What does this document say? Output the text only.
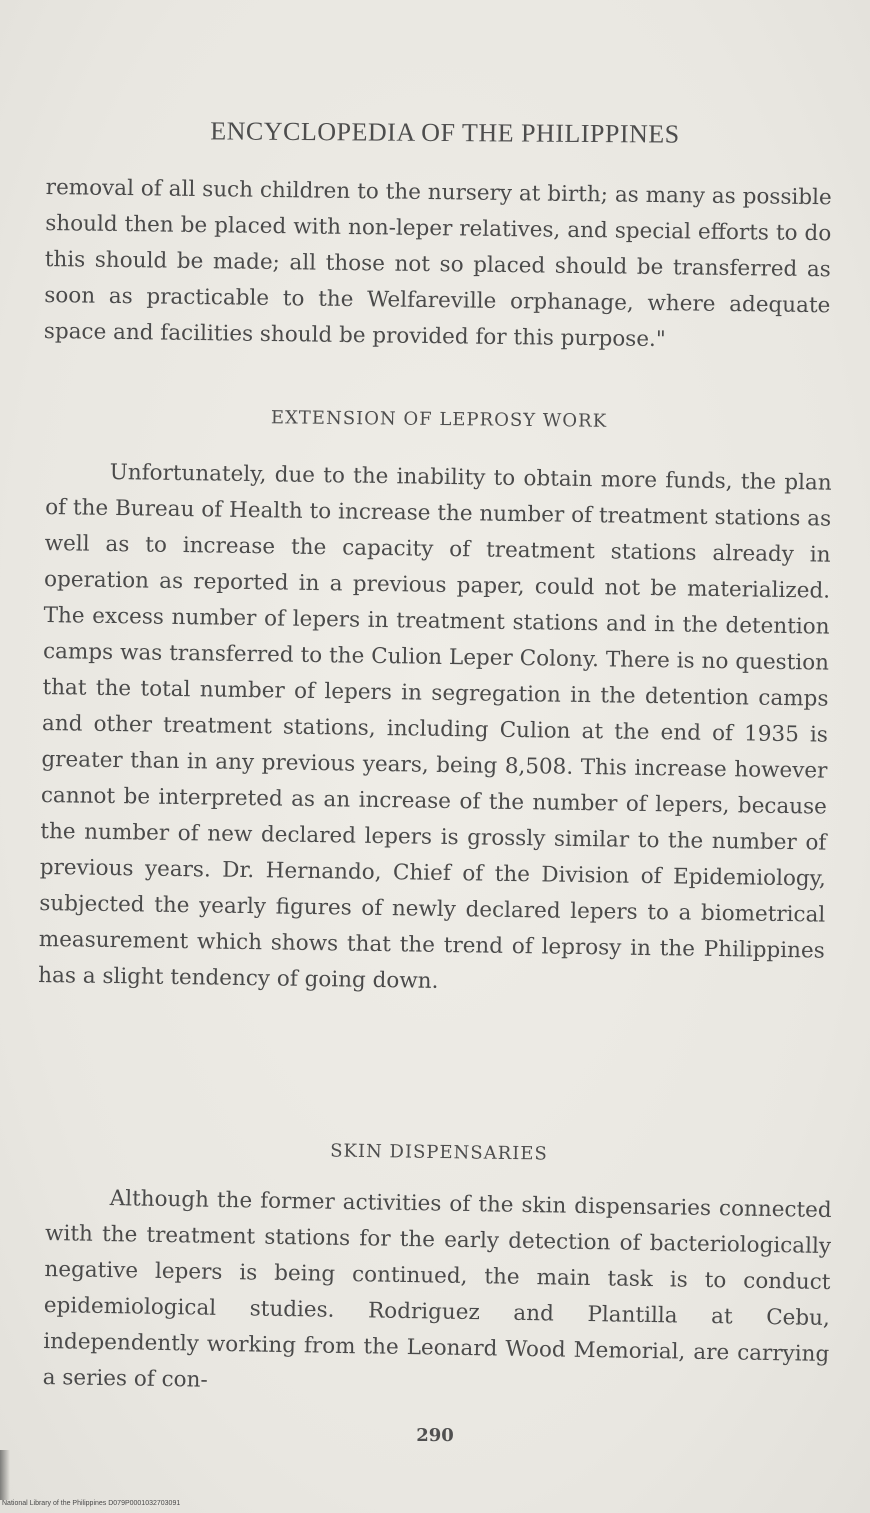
ENCYCLOPEDIA OF THE PHILIPPINES
removal of all such children to the nursery at birth; as many as possible should then be placed with non-leper relatives, and special efforts to do this should be made; all those not so placed should be transferred as soon as practicable to the Welfareville orphanage, where adequate space and facilities should be provided for this purpose."
EXTENSION OF LEPROSY WORK
Unfortunately, due to the inability to obtain more funds, the plan of the Bureau of Health to increase the number of treatment stations as well as to increase the capacity of treatment stations already in operation as reported in a previous paper, could not be materialized. The excess number of lepers in treatment stations and in the detention camps was transferred to the Culion Leper Colony. There is no question that the total number of lepers in segregation in the detention camps and other treatment stations, including Culion at the end of 1935 is greater than in any previous years, being 8,508. This increase however cannot be interpreted as an increase of the number of lepers, because the number of new declared lepers is grossly similar to the number of previous years. Dr. Hernando, Chief of the Division of Epidemiology, subjected the yearly figures of newly declared lepers to a biometrical measurement which shows that the trend of leprosy in the Philippines has a slight tendency of going down.
SKIN DISPENSARIES
Although the former activities of the skin dispensaries connected with the treatment stations for the early detection of bacteriologically negative lepers is being continued, the main task is to conduct epidemiological studies. Rodriguez and Plantilla at Cebu, independently working from the Leonard Wood Memorial, are carrying a series of con-
290
National Library of the Philippines D079P0001032703091
